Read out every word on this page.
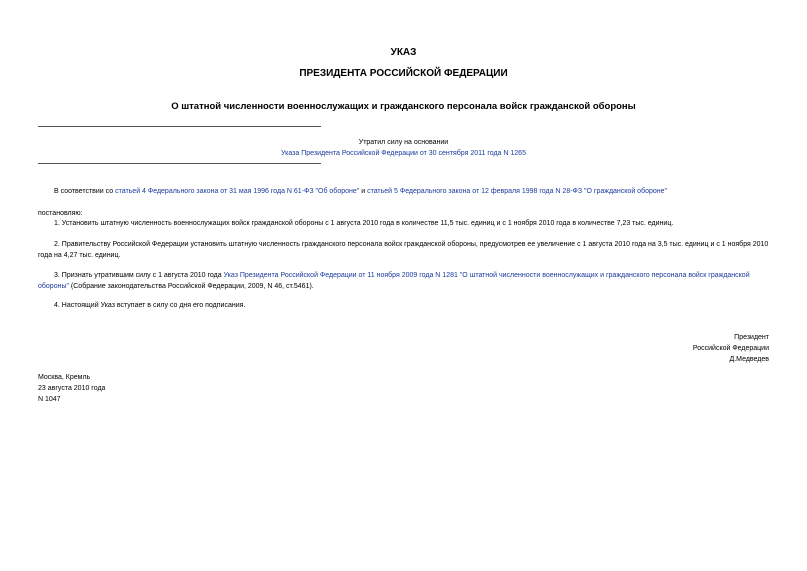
УКАЗ
ПРЕЗИДЕНТА РОССИЙСКОЙ ФЕДЕРАЦИИ
О штатной численности военнослужащих и гражданского персонала войск гражданской обороны
Утратил силу на основании
Указа Президента Российской Федерации от 30 сентября 2011 года N 1265
В соответствии со статьей 4 Федерального закона от 31 мая 1996 года N 61-ФЗ "Об обороне" и статьей 5 Федерального закона от 12 февраля 1998 года N 28-ФЗ "О гражданской обороне"
постановляю:
1. Установить штатную численность военнослужащих войск гражданской обороны с 1 августа 2010 года в количестве 11,5 тыс. единиц и с 1 ноября 2010 года в количестве 7,23 тыс. единиц.
2. Правительству Российской Федерации установить штатную численность гражданского персонала войск гражданской обороны, предусмотрев ее увеличение с 1 августа 2010 года на 3,5 тыс. единиц и с 1 ноября 2010 года на 4,27 тыс. единиц.
3. Признать утратившим силу с 1 августа 2010 года Указ Президента Российской Федерации от 11 ноября 2009 года N 1281 "О штатной численности военнослужащих и гражданского персонала войск гражданской обороны" (Собрание законодательства Российской Федерации, 2009, N 46, ст.5461).
4. Настоящий Указ вступает в силу со дня его подписания.
Президент
Российской Федерации
Д.Медведев
Москва, Кремль
23 августа 2010 года
N 1047
